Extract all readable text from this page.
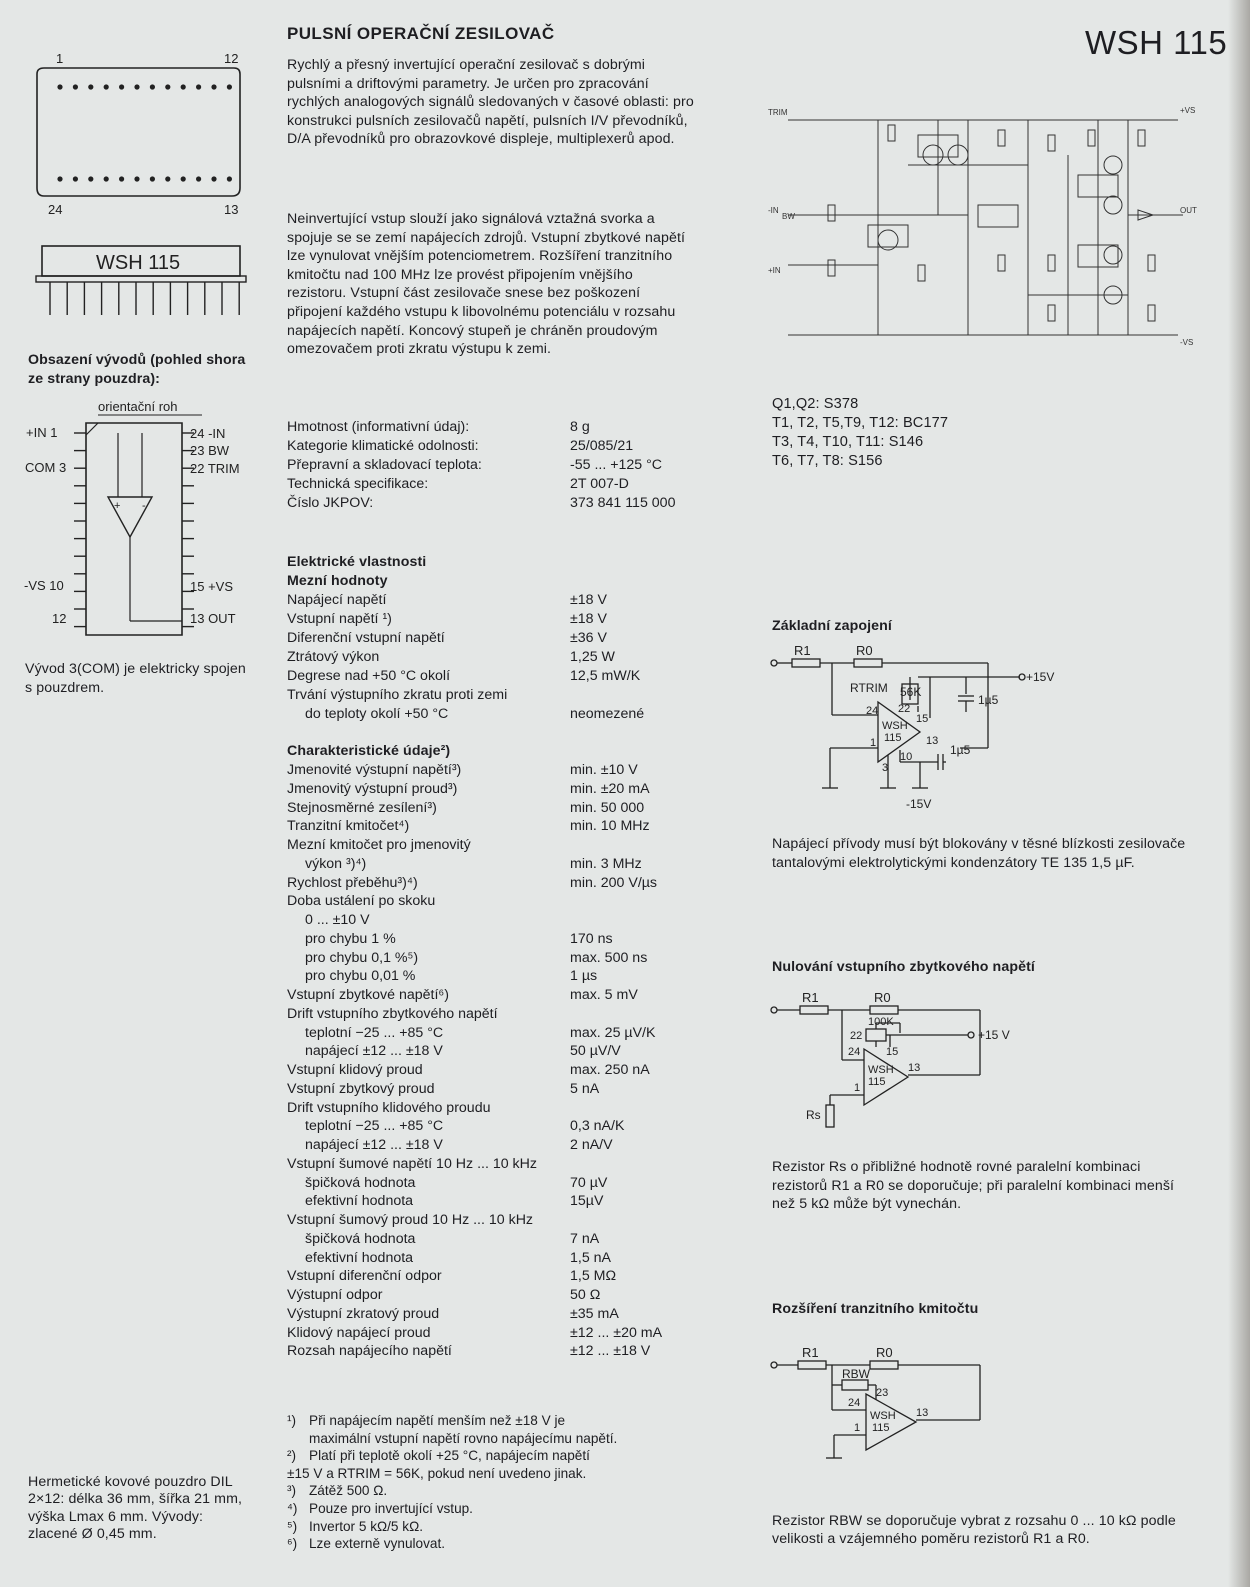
PULSNÍ OPERAČNÍ ZESILOVAČ	WSH 115
1	12
24	13
WSH 115
Obsazení vývodů (pohled shora ze strany pouzdra):
orientační roh
+ -
+IN 1
COM 3
-VS 10
12
24 -IN
23 BW
22 TRIM
15 +VS
13 OUT
Vývod 3(COM) je elektricky spojen s pouzdrem.
Hermetické kovové pouzdro DIL 2×12: délka 36 mm, šířka 21 mm, výška Lmax 6 mm. Vývody: zlacené Ø 0,45 mm.
Rychlý a přesný invertující operační zesilovač s dobrými pulsními a driftovými parametry. Je určen pro zpracování rychlých analogových signálů sledovaných v časové oblasti: pro konstrukci pulsních zesilovačů napětí, pulsních I/V převodníků, D/A převodníků pro obrazovkové displeje, multiplexerů apod.
Neinvertující vstup slouží jako signálová vztažná svorka a spojuje se se zemí napájecích zdrojů. Vstupní zbytkové napětí lze vynulovat vnějším potenciometrem. Rozšíření tranzitního kmitočtu nad 100 MHz lze provést připojením vnějšího rezistoru. Vstupní část zesilovače snese bez poškození připojení každého vstupu k libovolnému potenciálu v rozsahu napájecích napětí. Koncový stupeň je chráněn proudovým omezovačem proti zkratu výstupu k zemi.
Hmotnost (informativní údaj):	8 g
Kategorie klimatické odolnosti:	25/085/21
Přepravní a skladovací teplota:	-55 ... +125 °C
Technická specifikace:	2T 007-D
Číslo JKPOV:	373 841 115 000
Elektrické vlastnosti
Mezní hodnoty
Napájecí napětí	±18 V
Vstupní napětí ¹)	±18 V
Diferenční vstupní napětí	±36 V
Ztrátový výkon	1,25 W
Degrese nad +50 °C okolí	12,5 mW/K
Trvání výstupního zkratu proti zemi
do teploty okolí +50 °C	neomezené
Charakteristické údaje²)
Jmenovité výstupní napětí³)	min. ±10 V
Jmenovitý výstupní proud³)	min. ±20 mA
Stejnosměrné zesílení³)	min. 50 000
Tranzitní kmitočet⁴)	min. 10 MHz
Mezní kmitočet pro jmenovitý
výkon ³)⁴)	min. 3 MHz
Rychlost přeběhu³)⁴)	min. 200 V/µs
Doba ustálení po skoku
0 ... ±10 V
pro chybu 1 %	170 ns
pro chybu 0,1 %⁵)	max. 500 ns
pro chybu 0,01 %	1 µs
Vstupní zbytkové napětí⁶)	max. 5 mV
Drift vstupního zbytkového napětí
teplotní −25 ... +85 °C	max. 25 µV/K
napájecí ±12 ... ±18 V	50 µV/V
Vstupní klidový proud	max. 250 nA
Vstupní zbytkový proud	5 nA
Drift vstupního klidového proudu
teplotní −25 ... +85 °C	0,3 nA/K
napájecí ±12 ... ±18 V	2 nA/V
Vstupní šumové napětí 10 Hz ... 10 kHz
špičková hodnota	70 µV
efektivní hodnota	15µV
Vstupní šumový proud 10 Hz ... 10 kHz
špičková hodnota	7 nA
efektivní hodnota	1,5 nA
Vstupní diferenční odpor	1,5 MΩ
Výstupní odpor	50 Ω
Výstupní zkratový proud	±35 mA
Klidový napájecí proud	±12 ... ±20 mA
Rozsah napájecího napětí	±12 ... ±18 V
¹) Při napájecím napětí menším než ±18 V je
maximální vstupní napětí rovno napájecímu napětí.
²) Platí při teplotě okolí +25 °C, napájecím napětí
±15 V a RTRIM = 56K, pokud není uvedeno jinak.
³) Zátěž 500 Ω.
⁴) Pouze pro invertující vstup.
⁵) Invertor 5 kΩ/5 kΩ.
⁶) Lze externě vynulovat.
TRIM
-IN
+IN
BW
OUT
+VS
-VS
Q1,Q2: S378
T1, T2, T5,T9, T12: BC177
T3, T4, T10, T11: S146
T6, T7, T8: S156
Základní zapojení
R1	R0
RTRIM 56K
24 22
15
1
3
10
13
WSH
115
1µ5
1µ5
+15V
-15V
Napájecí přívody musí být blokovány v těsné blízkosti zesilovače tantalovými elektrolytickými kondenzátory TE 135 1,5 µF.
Nulování vstupního zbytkového napětí
R1	R0
100K
22
24 15
1
13
WSH
115
Rs
+15 V
Rezistor Rs o přibližné hodnotě rovné paralelní kombinaci rezistorů R1 a R0 se doporučuje; při paralelní kombinaci menší než 5 kΩ může být vynechán.
Rozšíření tranzitního kmitočtu
R1	R0
RBW
23
24
1
13
WSH
115
Rezistor RBW se doporučuje vybrat z rozsahu 0 ... 10 kΩ podle velikosti a vzájemného poměru rezistorů R1 a R0.
